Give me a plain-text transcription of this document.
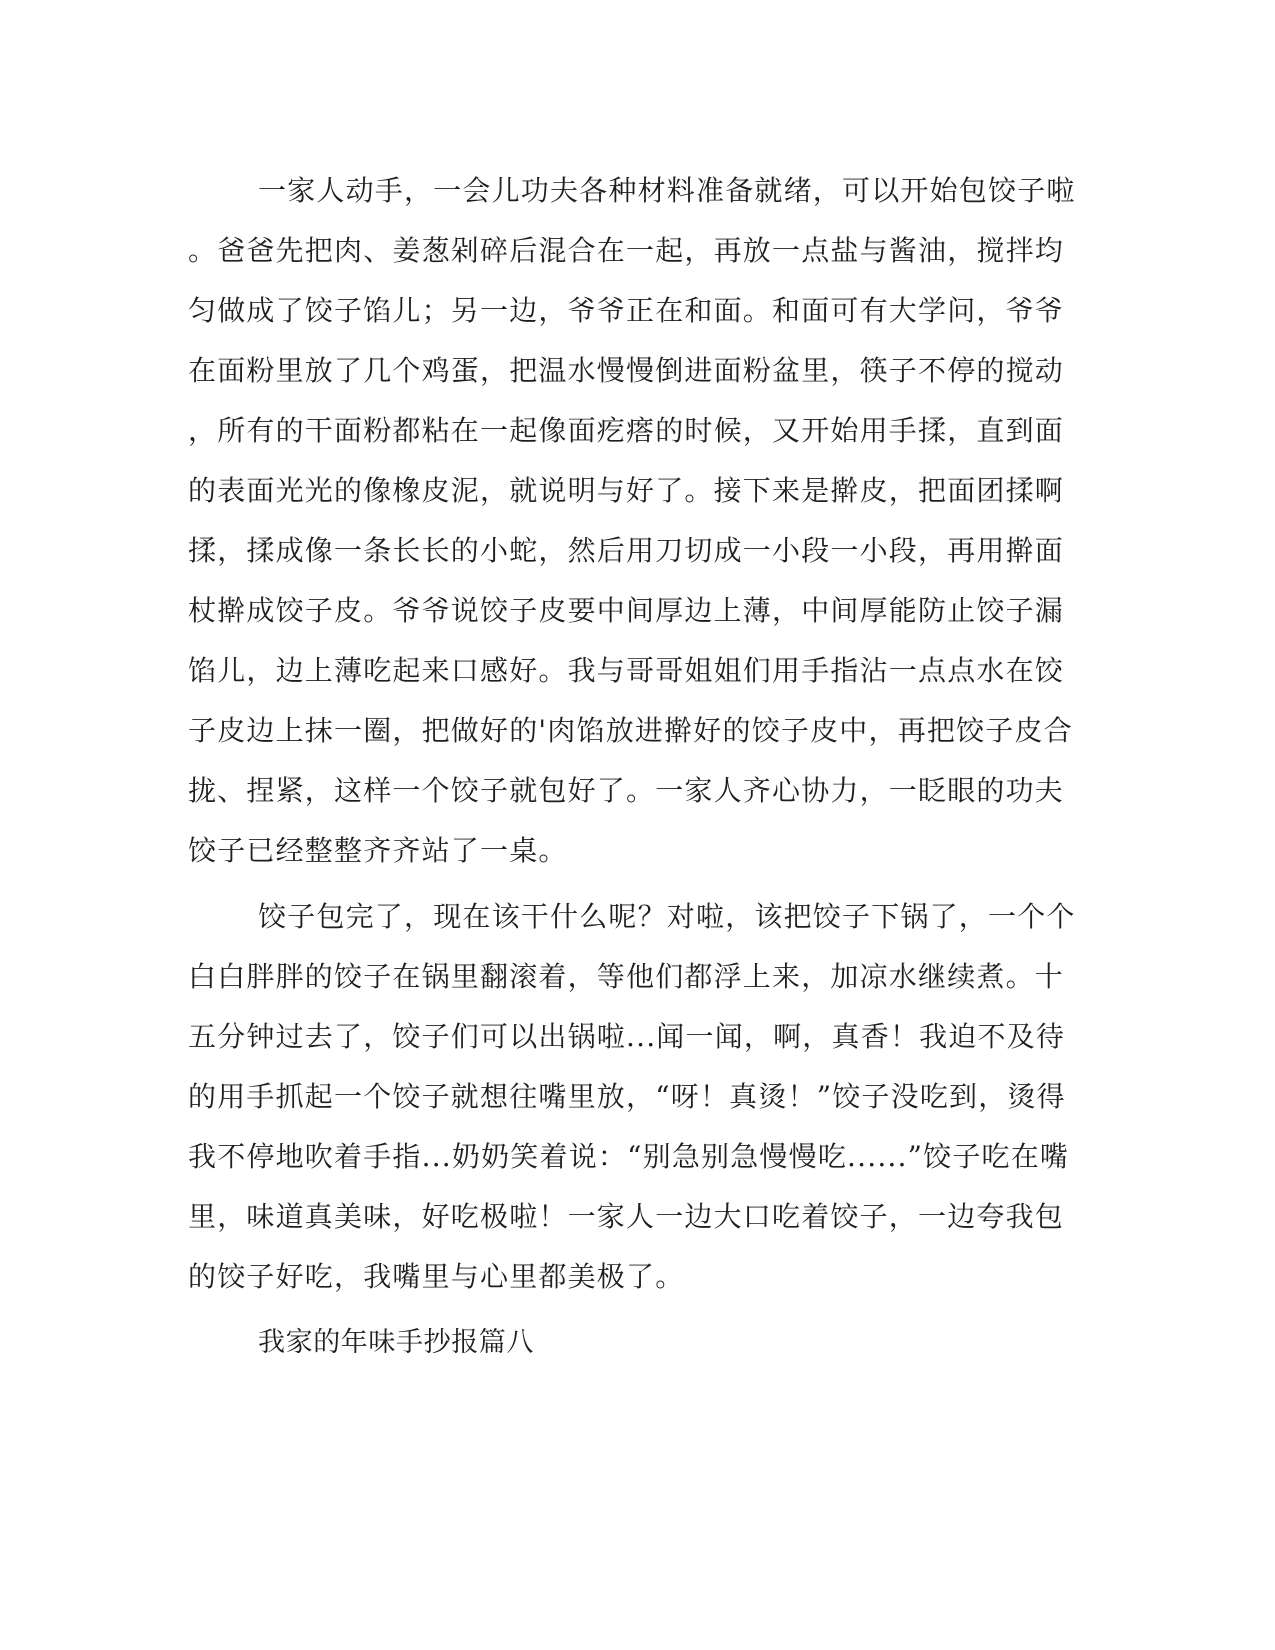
一家人动手，一会儿功夫各种材料准备就绪，可以开始包饺子啦
。爸爸先把肉、姜葱剁碎后混合在一起，再放一点盐与酱油，搅拌均
匀做成了饺子馅儿；另一边，爷爷正在和面。和面可有大学问，爷爷
在面粉里放了几个鸡蛋，把温水慢慢倒进面粉盆里，筷子不停的搅动
，所有的干面粉都粘在一起像面疙瘩的时候，又开始用手揉，直到面
的表面光光的像橡皮泥，就说明与好了。接下来是擀皮，把面团揉啊
揉，揉成像一条长长的小蛇，然后用刀切成一小段一小段，再用擀面
杖擀成饺子皮。爷爷说饺子皮要中间厚边上薄，中间厚能防止饺子漏
馅儿，边上薄吃起来口感好。我与哥哥姐姐们用手指沾一点点水在饺
子皮边上抹一圈，把做好的'肉馅放进擀好的饺子皮中，再把饺子皮合
拢、捏紧，这样一个饺子就包好了。一家人齐心协力，一眨眼的功夫
饺子已经整整齐齐站了一桌。

饺子包完了，现在该干什么呢？对啦，该把饺子下锅了，一个个
白白胖胖的饺子在锅里翻滚着，等他们都浮上来，加凉水继续煮。十
五分钟过去了，饺子们可以出锅啦...闻一闻，啊，真香！我迫不及待
的用手抓起一个饺子就想往嘴里放，“呀！真烫！”饺子没吃到，烫得
我不停地吹着手指...奶奶笑着说：“别急别急慢慢吃......”饺子吃在嘴
里，味道真美味，好吃极啦！一家人一边大口吃着饺子，一边夸我包
的饺子好吃，我嘴里与心里都美极了。

我家的年味手抄报篇八
